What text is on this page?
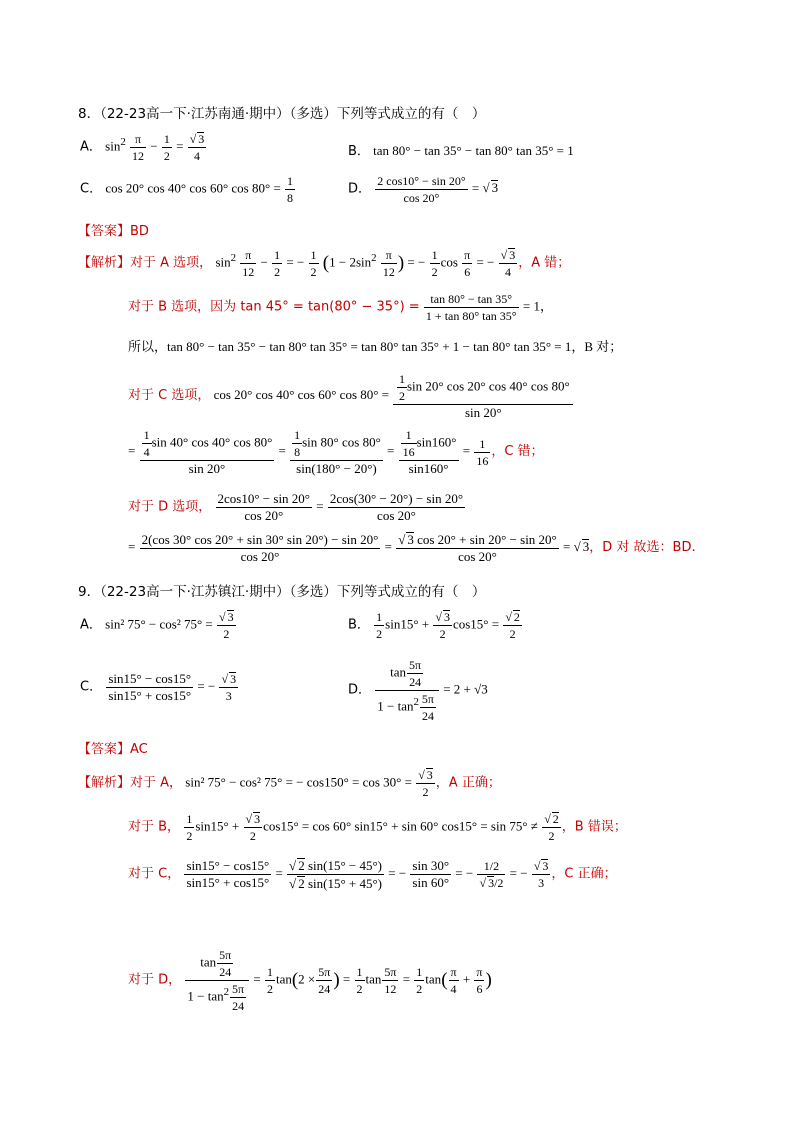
8．（22-23高一下·江苏南通·期中）（多选）下列等式成立的有（　）
A． $\sin^2 \frac{\pi}{12} - \frac{1}{2} = \frac{√ 3}{4}$	B． tan 80° − tan 35° − tan 80° tan 35° = 1
C． cos 20° cos 40° cos 60° $\cos 80^\circ = \frac{1}{8}$	D． $\frac{2 \cos 10^\circ - \sin 20^\circ}{\cos 20^\circ}$ = √ 3
【答案】BD
【解析】对于 A 选项， $\sin^2 \frac{\pi}{12} - \frac{1}{2}$ = − $\frac{1}{2} (1 - 2\sin^2 \frac{\pi}{12}$ ) = − $\frac{1}{2}$ $\cos \frac{\pi}{6}$ = − $\frac{√ 3}{4}$ ，A 错；
对于 B 选项，因为 $\tan 45^\circ = \tan(80^\circ - 35^\circ) = \frac{\tan 80^\circ - \tan 35^\circ}{1 + \tan 80^\circ \tan 35^\circ} = 1$，
所以，tan 80° − tan 35° − tan 80° tan 35° = tan 80° tan 35° + 1 − tan 80° tan 35° = 1，B 对；
对于 C 选项， cos 20° cos 40° cos 60° $\cos 80^\circ = \frac{\frac{1}{2} \sin 20^\circ \cos 20^\circ \cos 40^\circ \cos 80^\circ}{\sin 20^\circ}$
= $\frac{\frac{1}{4} \sin 40^\circ \cos 40^\circ \cos 80^\circ}{\sin 20^\circ} = \frac{\frac{1}{8} \sin 80^\circ \cos 80^\circ}{\sin(180^\circ - 20^\circ)} = \frac{\frac{1}{16} \sin 160^\circ}{\sin 160^\circ} = \frac{1}{16}$ ，C 错；
对于 D 选项， $\frac{2\cos 10^\circ - \sin 20^\circ}{\cos 20^\circ} = \frac{2\cos(30^\circ - 20^\circ) - \sin 20^\circ}{\cos 20^\circ}$
= $\frac{2(\cos 30^\circ \cos 20^\circ + \sin 30^\circ \sin 20^\circ) - \sin 20^\circ}{\cos 20^\circ} = \frac{√ 3 \cos 20^\circ + \sin 20^\circ - \sin 20^\circ}{\cos 20^\circ}$ = √ 3，D 对 故选：BD.
9．（22-23高一下·江苏镇江·期中）（多选）下列等式成立的有（　）
A． sin² 75° − cos² $75^\circ = \frac{√ 3}{2}$	B． $\frac{1}{2} \sin 15^\circ + \frac{√ 3}{2} \cos 15^\circ = \frac{√ 2}{2}$
C． $\frac{\sin 15^\circ - \cos 15^\circ}{\sin 15^\circ + \cos 15^\circ}$ = − $\frac{√ 3}{3}$	D． $\frac{\tan \frac{5\pi}{24}}{1 - \tan^2 \frac{5\pi}{24}} = 2 + √3$
【答案】AC
【解析】对于 A， sin² 75° − cos² 75° = − $\cos 150^\circ = \cos 30^\circ = \frac{√ 3}{2}$ ，A 正确；
对于 B， $\frac{1}{2} \sin 15^\circ + \frac{√ 3}{2} \cos 15^\circ = \cos 60^\circ$ sin15° + sin 60° $\cos 15^\circ = \sin 75^\circ \ne \frac{√ 2}{2}$ ，B 错误；
对于 C， $\frac{\sin 15^\circ - \cos 15^\circ}{\sin 15^\circ + \cos 15^\circ} = \frac{√ 2 \sin(15^\circ - 45^\circ)}{√ 2 \sin(15^\circ + 45^\circ)}$ = − $\frac{\sin 30^\circ}{\sin 60^\circ}$ = − $\frac{1/2}{√ 3/2}$ = − $\frac{√ 3}{3}$ ，C 正确；
对于 D， $\frac{\tan \frac{5\pi}{24}}{1 - \tan^2 \frac{5\pi}{24}} = \frac{1}{2} \tan(2 \times \frac{5\pi}{24}$ ) = $\frac{1}{2}$ $\tan \frac{5\pi}{12} = \frac{1}{2} \tan( \frac{\pi}{4} + \frac{\pi}{6}$ )
